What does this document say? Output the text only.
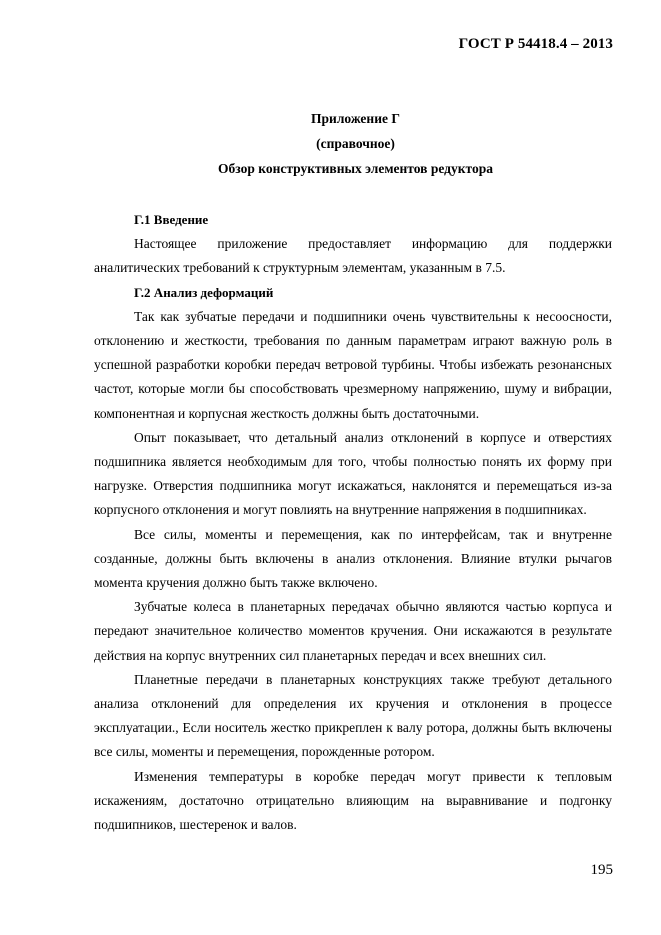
ГОСТ Р 54418.4 – 2013
Приложение Г
(справочное)
Обзор конструктивных элементов редуктора

Г.1 Введение

Настоящее приложение предоставляет информацию для поддержки аналитических требований к структурным элементам, указанным в 7.5.

Г.2 Анализ деформаций

Так как зубчатые передачи и подшипники очень чувствительны к несоосности, отклонению и жесткости, требования по данным параметрам играют важную роль в успешной разработки коробки передач ветровой турбины. Чтобы избежать резонансных частот, которые могли бы способствовать чрезмерному напряжению, шуму и вибрации, компонентная и корпусная жесткость должны быть достаточными.

Опыт показывает, что детальный анализ отклонений в корпусе и отверстиях подшипника является необходимым для того, чтобы полностью понять их форму при нагрузке. Отверстия подшипника могут искажаться, наклонятся и перемещаться из-за корпусного отклонения и могут повлиять на внутренние напряжения в подшипниках.

Все силы, моменты и перемещения, как по интерфейсам, так и внутренне созданные, должны быть включены в анализ отклонения. Влияние втулки рычагов момента кручения должно быть также включено.

Зубчатые колеса в планетарных передачах обычно являются частью корпуса и передают значительное количество моментов кручения. Они искажаются в результате действия на корпус внутренних сил планетарных передач и всех внешних сил.

Планетные передачи в планетарных конструкциях также требуют детального анализа отклонений для определения их кручения и отклонения в процессе эксплуатации., Если носитель жестко прикреплен к валу ротора, должны быть включены все силы, моменты и перемещения, порожденные ротором.

Изменения температуры в коробке передач могут привести к тепловым искажениям, достаточно отрицательно влияющим на выравнивание и подгонку подшипников, шестеренок и валов.

195
